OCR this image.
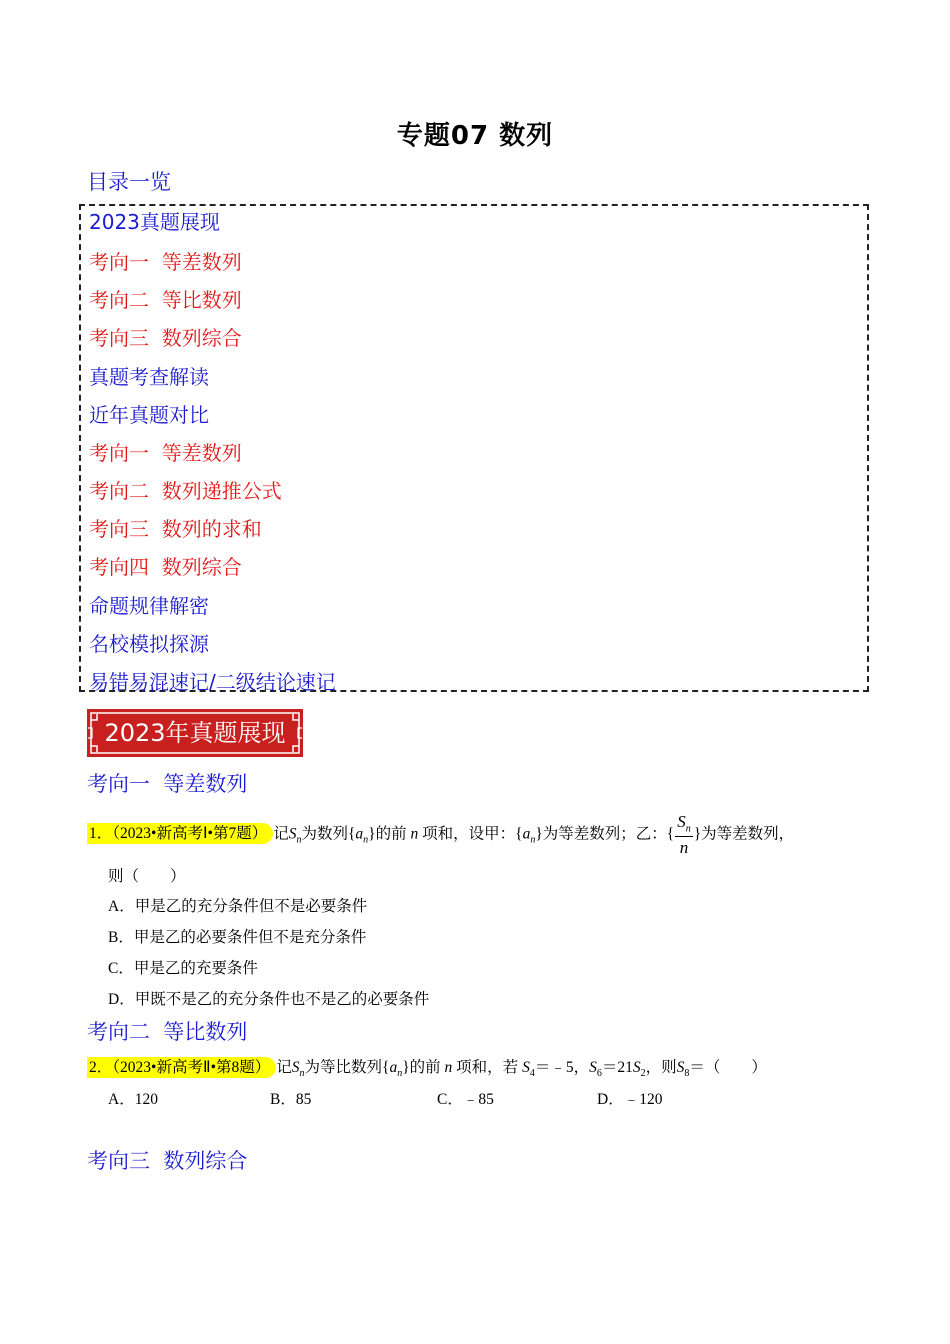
专题07 数列
目录一览
2023真题展现
考向一  等差数列
考向二  等比数列
考向三  数列综合
真题考查解读
近年真题对比
考向一  等差数列
考向二  数列递推公式
考向三  数列的求和
考向四  数列综合
命题规律解密
名校模拟探源
易错易混速记/二级结论速记
2023年真题展现
考向一  等差数列
1．（2023•新高考Ⅰ•第7题） 记$S_n$为数列$\{a_n\}$的前 n 项和，设甲：$\{a_n\}$为等差数列；乙：{ $\frac{S_n}{n}$ }为等差数列，
则（　　）
A．甲是乙的充分条件但不是必要条件
B．甲是乙的必要条件但不是充分条件
C．甲是乙的充要条件
D．甲既不是乙的充分条件也不是乙的必要条件
考向二  等比数列
2．（2023•新高考Ⅱ•第8题） 记$S_n$为等比数列$\{a_n\}$的前 n 项和，若 $S_4=﹣5$，$S_6=21S_2$，则$S_8=$（　　）
A．120	B．85	C．﹣85	D．﹣120
考向三  数列综合
